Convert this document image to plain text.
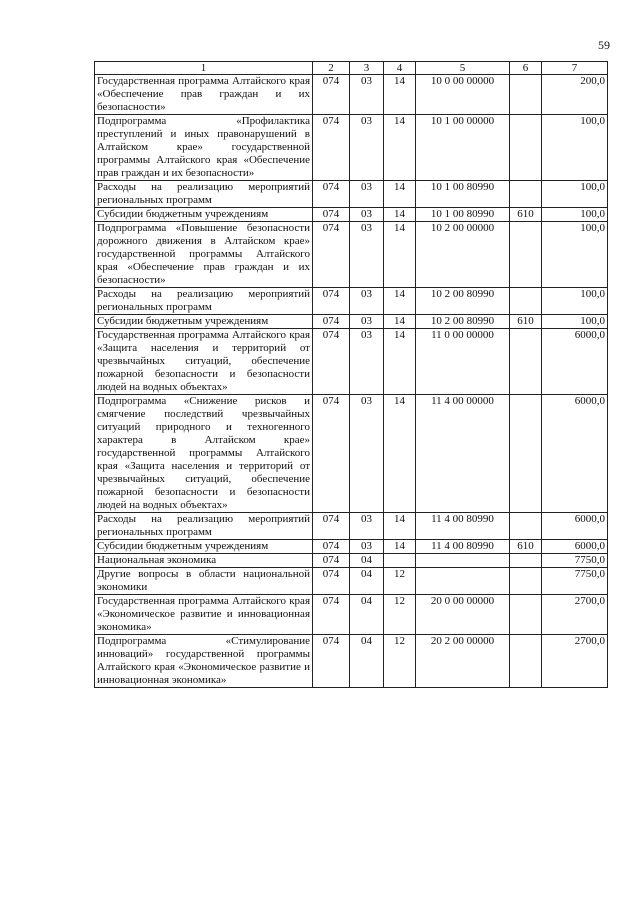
59
1	2	3	4	5	6	7
Государственная программа Алтайского края «Обеспечение прав граждан и их безопасности»	074	03	14	10 0 00 00000		200,0
Подпрограмма «Профилактика преступлений и иных правонарушений в Алтайском крае» государственной программы Алтайского края «Обеспечение прав граждан и их безопасности»	074	03	14	10 1 00 00000		100,0
Расходы на реализацию мероприятий региональных программ	074	03	14	10 1 00 80990		100,0
Субсидии бюджетным учреждениям	074	03	14	10 1 00 80990	610	100,0
Подпрограмма «Повышение безопасности дорожного движения в Алтайском крае» государственной программы Алтайского края «Обеспечение прав граждан и их безопасности»	074	03	14	10 2 00 00000		100,0
Расходы на реализацию мероприятий региональных программ	074	03	14	10 2 00 80990		100,0
Субсидии бюджетным учреждениям	074	03	14	10 2 00 80990	610	100,0
Государственная программа Алтайского края «Защита населения и территорий от чрезвычайных ситуаций, обеспечение пожарной безопасности и безопасности людей на водных объектах»	074	03	14	11 0 00 00000		6000,0
Подпрограмма «Снижение рисков и смягчение последствий чрезвычайных ситуаций природного и техногенного характера в Алтайском крае» государственной программы Алтайского края «Защита населения и территорий от чрезвычайных ситуаций, обеспечение пожарной безопасности и безопасности людей на водных объектах»	074	03	14	11 4 00 00000		6000,0
Расходы на реализацию мероприятий региональных программ	074	03	14	11 4 00 80990		6000,0
Субсидии бюджетным учреждениям	074	03	14	11 4 00 80990	610	6000,0
Национальная экономика	074	04				7750,0
Другие вопросы в области национальной экономики	074	04	12			7750,0
Государственная программа Алтайского края «Экономическое развитие и инновационная экономика»	074	04	12	20 0 00 00000		2700,0
Подпрограмма «Стимулирование инноваций» государственной программы Алтайского края «Экономическое развитие и инновационная экономика»	074	04	12	20 2 00 00000		2700,0
